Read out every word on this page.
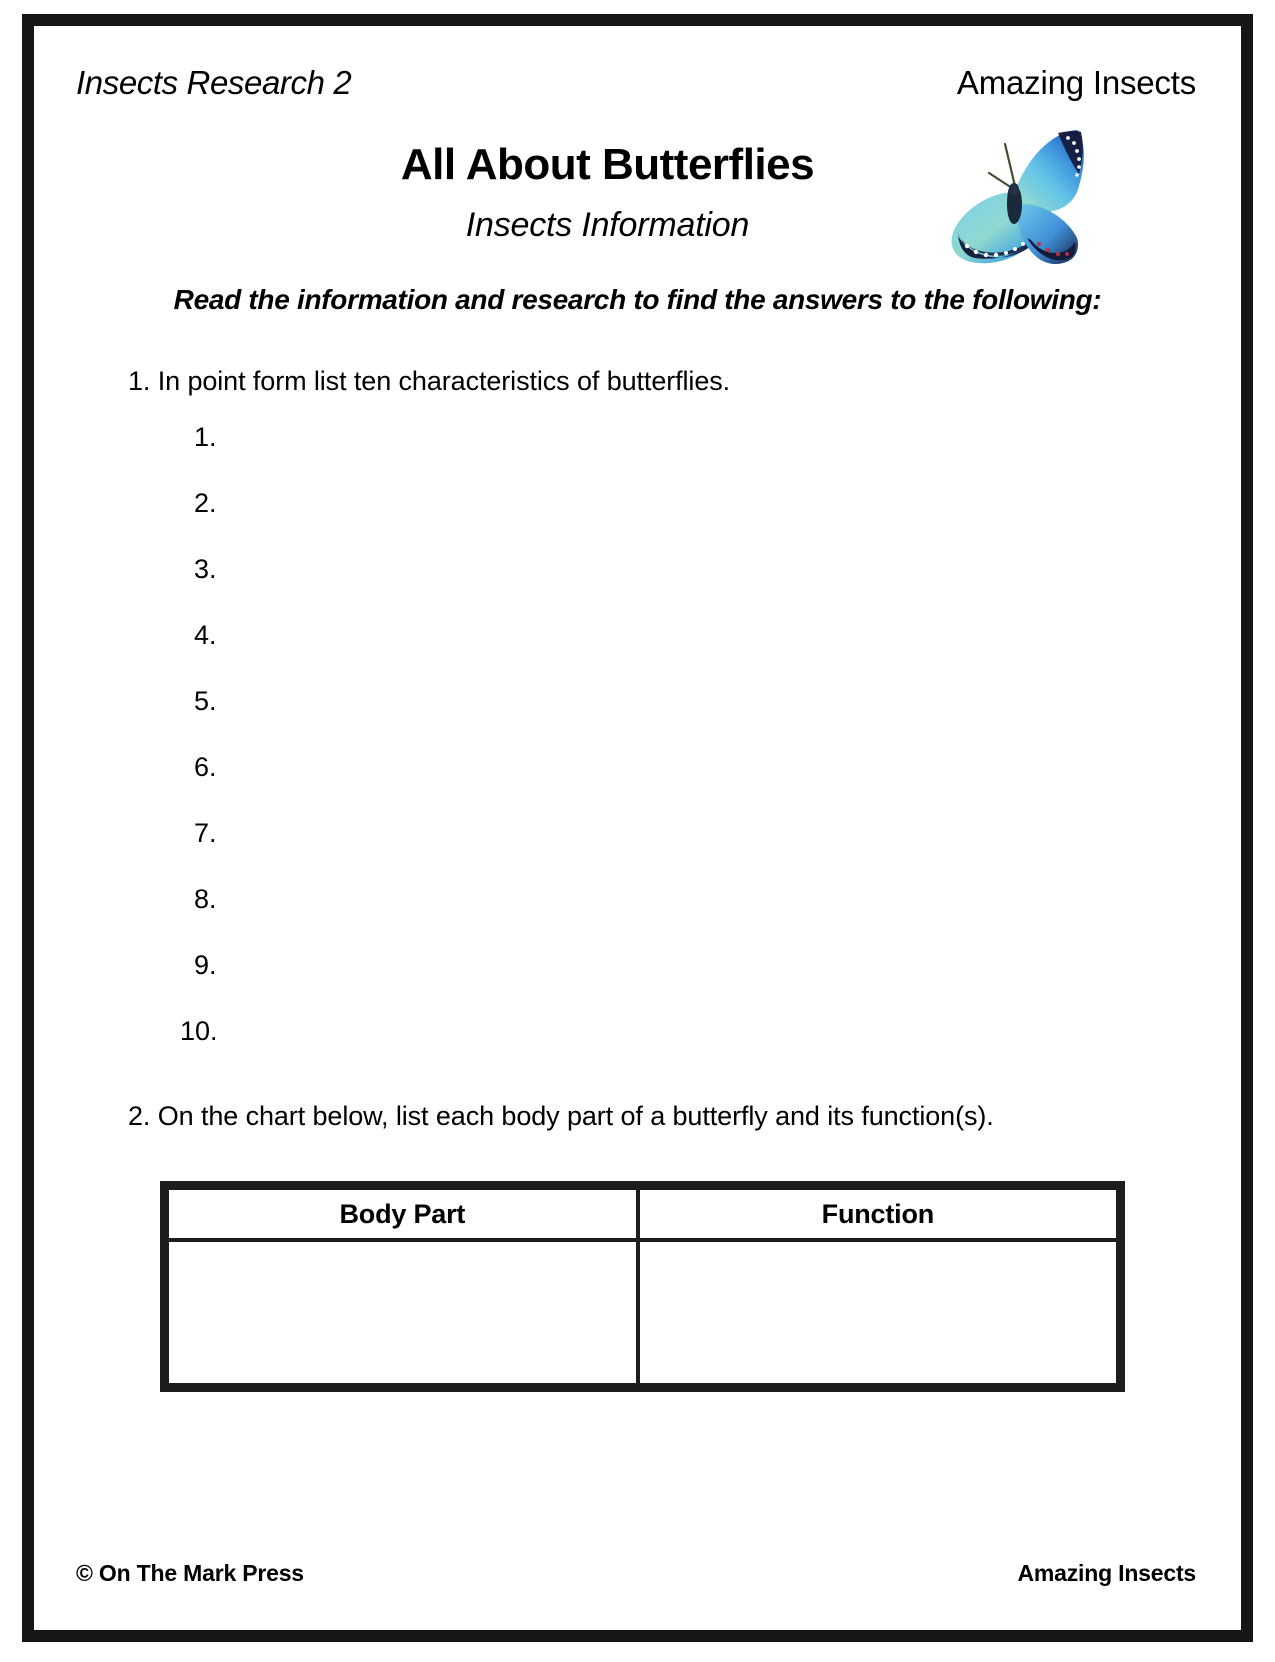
Insects Research 2	Amazing Insects
All About Butterflies
Insects Information
Read the information and research to find the answers to the following:
1. In point form list ten characteristics of butterflies.
1.
2.
3.
4.
5.
6.
7.
8.
9.
10.
2. On the chart below, list each body part of a butterfly and its function(s).
Body Part	Function

© On The Mark Press	Amazing Insects
